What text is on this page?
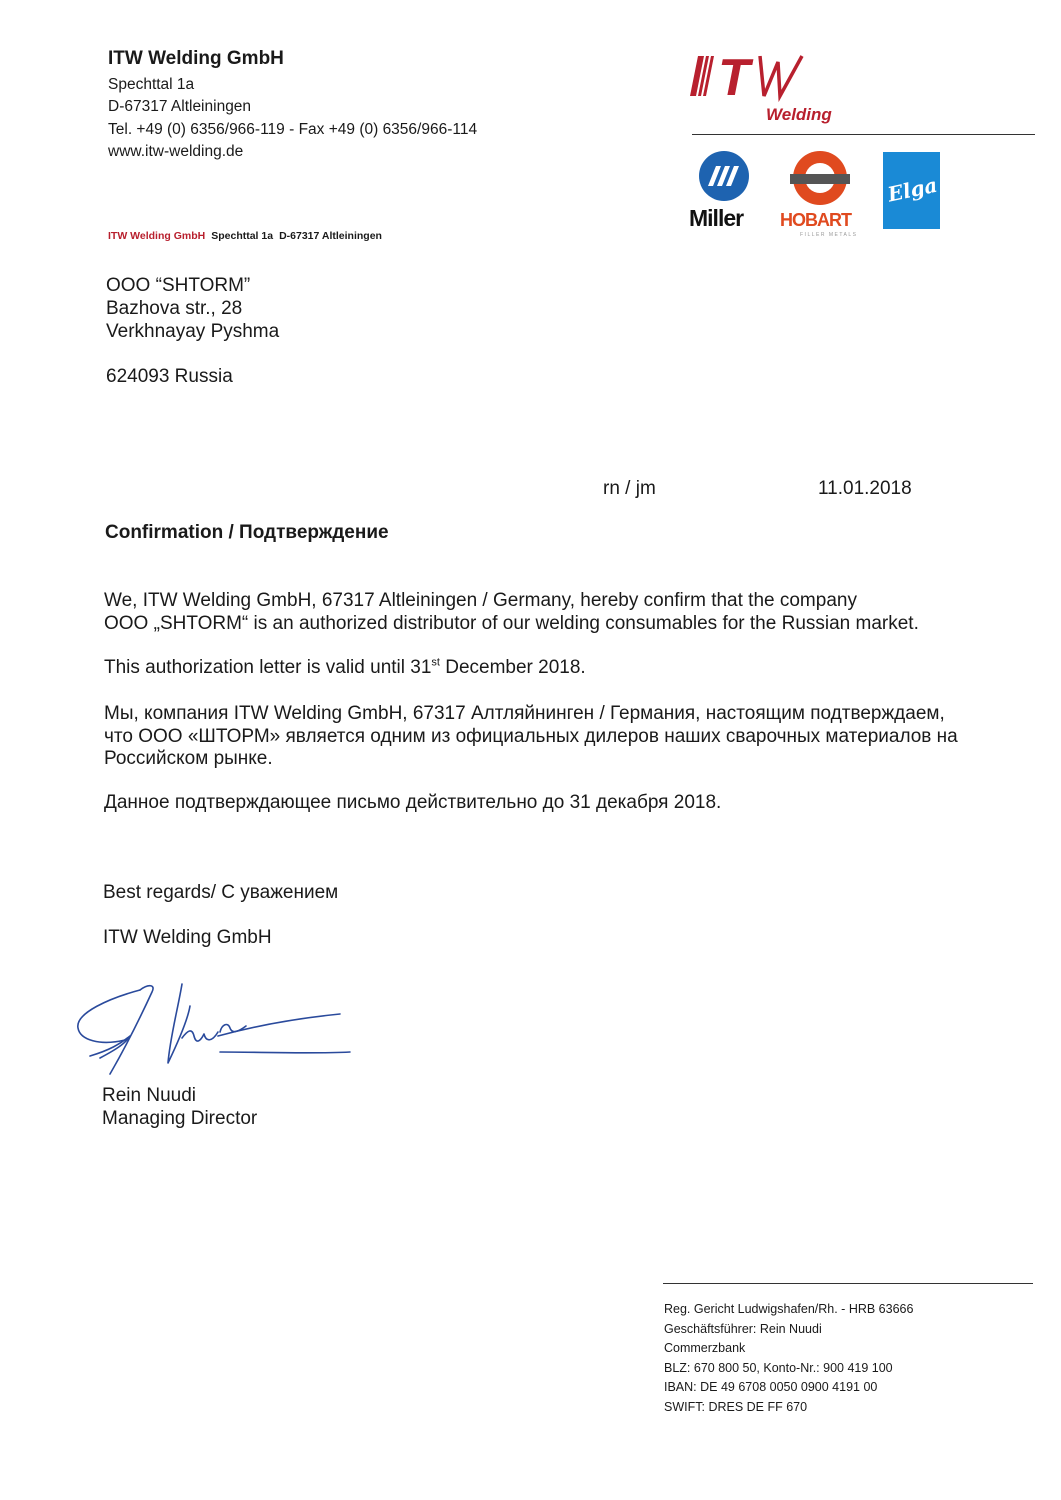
ITW Welding GmbH
Spechttal 1a
D-67317 Altleiningen
Tel. +49 (0) 6356/966-119 - Fax +49 (0) 6356/966-114
www.itw-welding.de
ITW Welding GmbH Spechttal 1a D-67317 Altleiningen
T
Welding
Miller HOBART
FILLER METALS
Elga
OOO “SHTORM”
Bazhova str., 28
Verkhnayay Pyshma
624093 Russia
rn / jm	11.01.2018
Confirmation / Подтверждение
We, ITW Welding GmbH, 67317 Altleiningen / Germany, hereby confirm that the company
OOO „SHTORM“ is an authorized distributor of our welding consumables for the Russian market.
This authorization letter is valid until 31st December 2018.
Мы, компания ITW Welding GmbH, 67317 Алтляйнинген / Германия, настоящим подтверждаем,
что ООО «ШТОРМ» является одним из официальных дилеров наших сварочных материалов на
Российском рынке.
Данное подтверждающее письмо действительно до 31 декабря 2018.
Best regards/ С уважением
ITW Welding GmbH
Rein Nuudi
Managing Director
Reg. Gericht Ludwigshafen/Rh. - HRB 63666
Geschäftsführer: Rein Nuudi
Commerzbank
BLZ: 670 800 50, Konto-Nr.: 900 419 100
IBAN: DE 49 6708 0050 0900 4191 00
SWIFT: DRES DE FF 670
